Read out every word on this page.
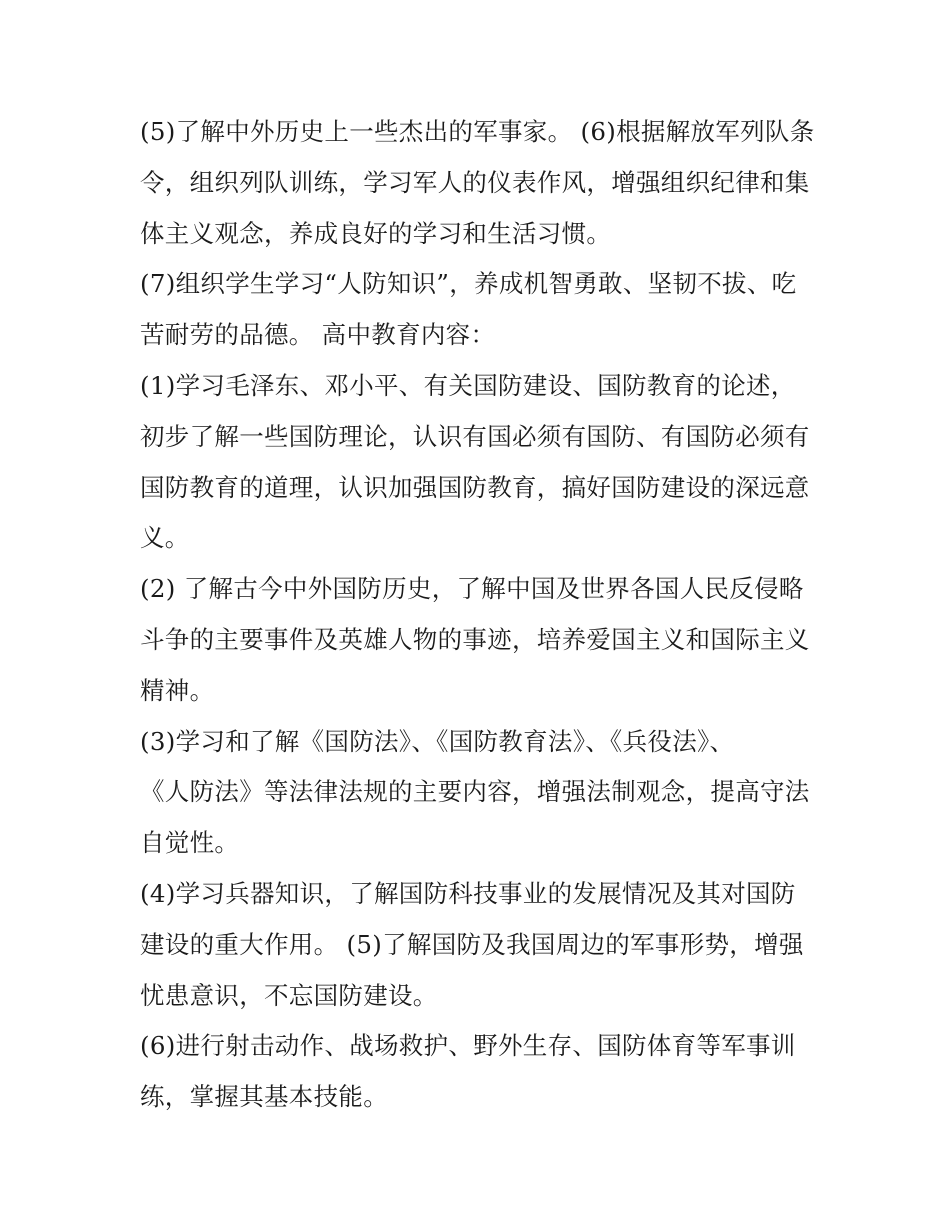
(5)了解中外历史上一些杰出的军事家。 (6)根据解放军列队条
令，组织列队训练，学习军人的仪表作风，增强组织纪律和集
体主义观念，养成良好的学习和生活习惯。
(7)组织学生学习“人防知识”，养成机智勇敢、坚韧不拔、吃
苦耐劳的品德。 高中教育内容：
(1)学习毛泽东、邓小平、有关国防建设、国防教育的论述，
初步了解一些国防理论，认识有国必须有国防、有国防必须有
国防教育的道理，认识加强国防教育，搞好国防建设的深远意
义。
(2) 了解古今中外国防历史，了解中国及世界各国人民反侵略
斗争的主要事件及英雄人物的事迹，培养爱国主义和国际主义
精神。
(3)学习和了解《国防法》、《国防教育法》、《兵役法》、
《人防法》等法律法规的主要内容，增强法制观念，提高守法
自觉性。
(4)学习兵器知识，了解国防科技事业的发展情况及其对国防
建设的重大作用。 (5)了解国防及我国周边的军事形势，增强
忧患意识，不忘国防建设。
(6)进行射击动作、战场救护、野外生存、国防体育等军事训
练，掌握其基本技能。
